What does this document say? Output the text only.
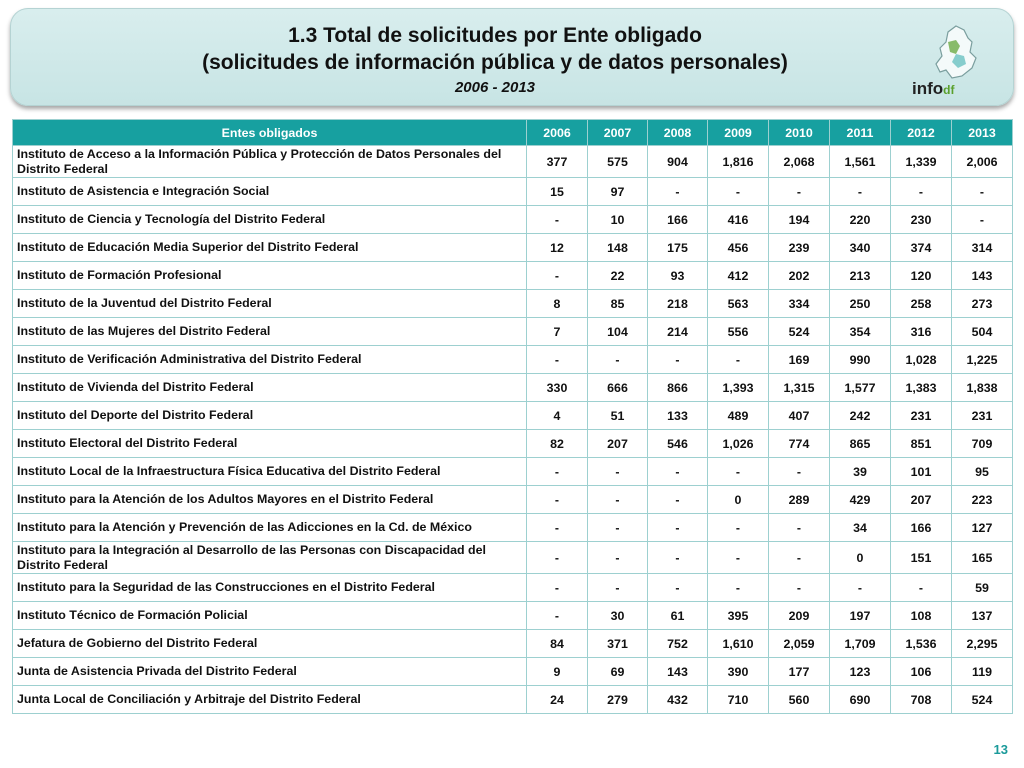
1.3 Total de solicitudes por Ente obligado
(solicitudes de información pública y de datos personales)
2006 - 2013	infodf
Entes obligados	2006	2007	2008	2009	2010	2011	2012	2013
Instituto de Acceso a la Información Pública y Protección de Datos Personales del Distrito Federal	377	575	904	1,816	2,068	1,561	1,339	2,006
Instituto de Asistencia e Integración Social	15	97	-	-	-	-	-	-
Instituto de Ciencia y Tecnología del Distrito Federal	-	10	166	416	194	220	230	-
Instituto de Educación Media Superior del Distrito Federal	12	148	175	456	239	340	374	314
Instituto de Formación Profesional	-	22	93	412	202	213	120	143
Instituto de la Juventud del Distrito Federal	8	85	218	563	334	250	258	273
Instituto de las Mujeres del Distrito Federal	7	104	214	556	524	354	316	504
Instituto de Verificación Administrativa del Distrito Federal	-	-	-	-	169	990	1,028	1,225
Instituto de Vivienda del Distrito Federal	330	666	866	1,393	1,315	1,577	1,383	1,838
Instituto del Deporte del Distrito Federal	4	51	133	489	407	242	231	231
Instituto Electoral del Distrito Federal	82	207	546	1,026	774	865	851	709
Instituto Local de la Infraestructura Física Educativa del Distrito Federal	-	-	-	-	-	39	101	95
Instituto para la Atención de los Adultos Mayores en el Distrito Federal	-	-	-	0	289	429	207	223
Instituto para la Atención y Prevención de las Adicciones en la Cd. de México	-	-	-	-	-	34	166	127
Instituto para la Integración al Desarrollo de las Personas con Discapacidad del Distrito Federal	-	-	-	-	-	0	151	165
Instituto para la Seguridad de las Construcciones en el Distrito Federal	-	-	-	-	-	-	-	59
Instituto Técnico de Formación Policial	-	30	61	395	209	197	108	137
Jefatura de Gobierno del Distrito Federal	84	371	752	1,610	2,059	1,709	1,536	2,295
Junta de Asistencia Privada del Distrito Federal	9	69	143	390	177	123	106	119
Junta Local de Conciliación y Arbitraje del Distrito Federal	24	279	432	710	560	690	708	524
13
